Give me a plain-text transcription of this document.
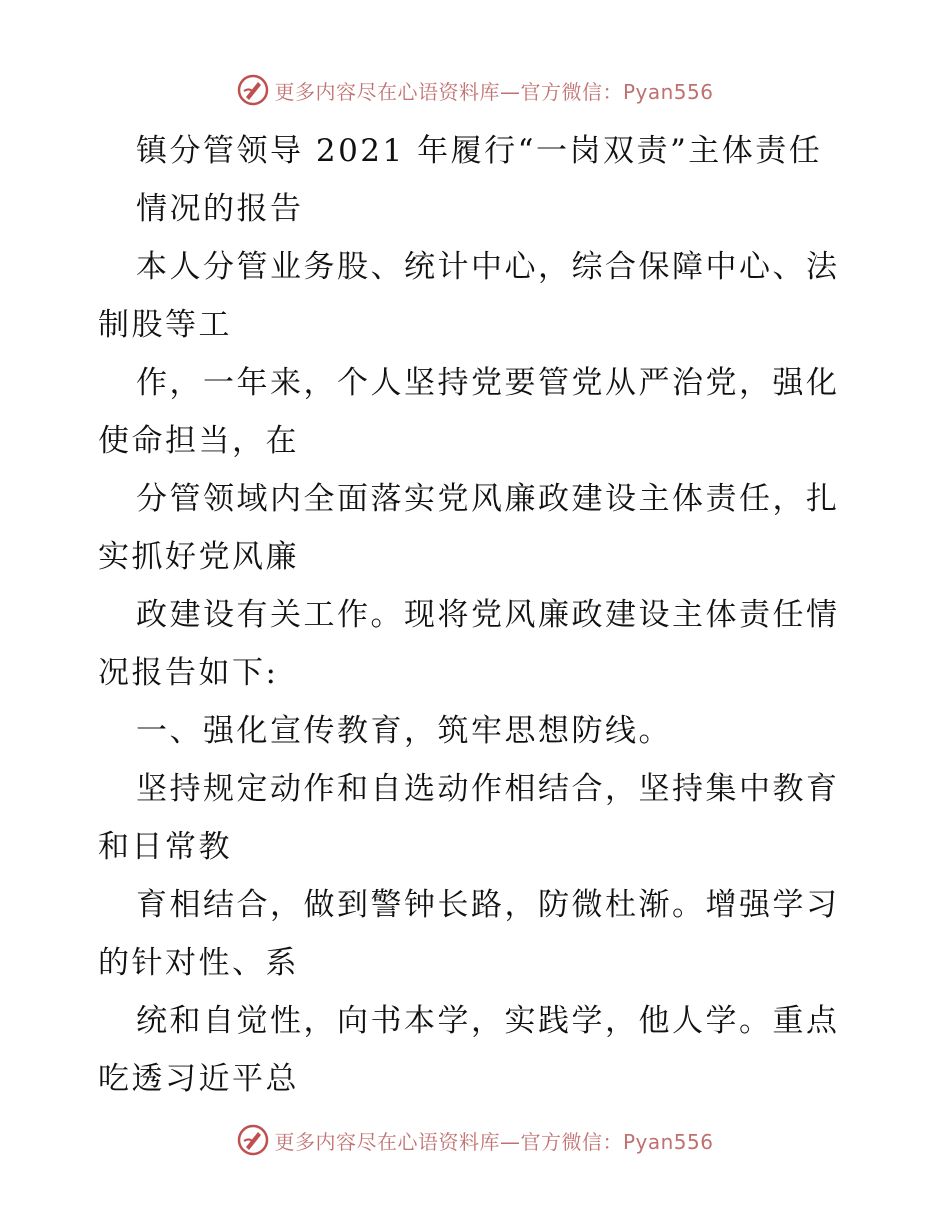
更多内容尽在心语资料库—官方微信：Pyan556
镇分管领导 2021 年履行“一岗双责”主体责任
情况的报告
本人分管业务股、统计中心，综合保障中心、法
制股等工
作，一年来，个人坚持党要管党从严治党，强化
使命担当，在
分管领域内全面落实党风廉政建设主体责任，扎
实抓好党风廉
政建设有关工作。现将党风廉政建设主体责任情
况报告如下:
一、强化宣传教育，筑牢思想防线。
坚持规定动作和自选动作相结合，坚持集中教育
和日常教
育相结合，做到警钟长路，防微杜渐。增强学习
的针对性、系
统和自觉性，向书本学，实践学，他人学。重点
吃透习近平总
更多内容尽在心语资料库—官方微信：Pyan556
